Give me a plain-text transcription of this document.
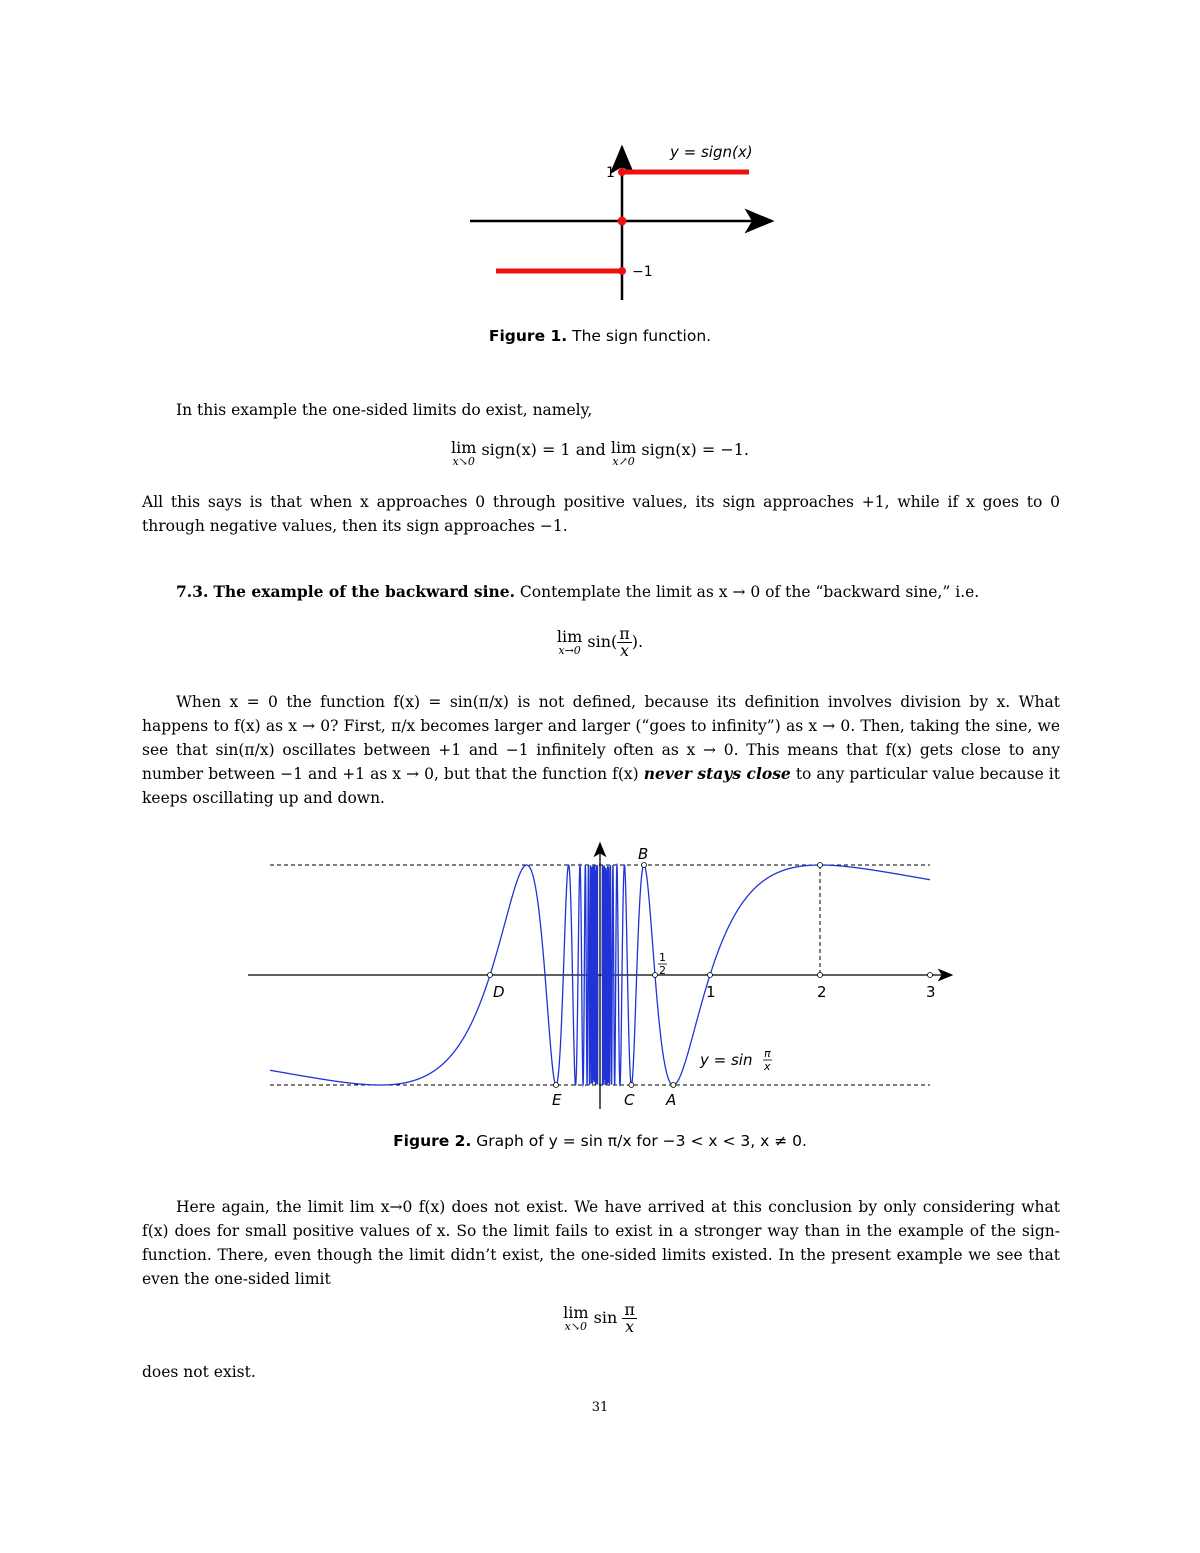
1
−1
y = sign(x)
Figure 1. The sign function.
In this example the one-sided limits do exist, namely,
lim
x↘0
sign(x) = 1 and lim
x↗0
sign(x) = −1.
All this says is that when x approaches 0 through positive values, its sign approaches +1, while if x goes to 0 through negative values, then its sign approaches −1.
7.3. The example of the backward sine. Contemplate the limit as x → 0 of the “backward sine,” i.e.
lim
x→0 $\sin( \frac{\pi}{x}$ ).
When x = 0 the function f(x) = sin(π/x) is not defined, because its definition involves division by x. What happens to f(x) as x → 0? First, π/x becomes larger and larger (“goes to infinity”) as x → 0. Then, taking the sine, we see that sin(π/x) oscillates between +1 and −1 infinitely often as x → 0. This means that f(x) gets close to any number between −1 and +1 as x → 0, but that the function f(x) never stays close to any particular value because it keeps oscillating up and down.
B
D
E	C A
1
2
1	2	3
y = sin π
x
Figure 2. Graph of y = sin π/x for −3 < x < 3, x ≠ 0.
Here again, the limit lim x→0 f(x) does not exist. We have arrived at this conclusion by only considering what f(x) does for small positive values of x. So the limit fails to exist in a stronger way than in the example of the sign-function. There, even though the limit didn’t exist, the one-sided limits existed. In the present example we see that even the one-sided limit
lim
x↘0 $\sin \frac{\pi}{x}$
does not exist.
31
